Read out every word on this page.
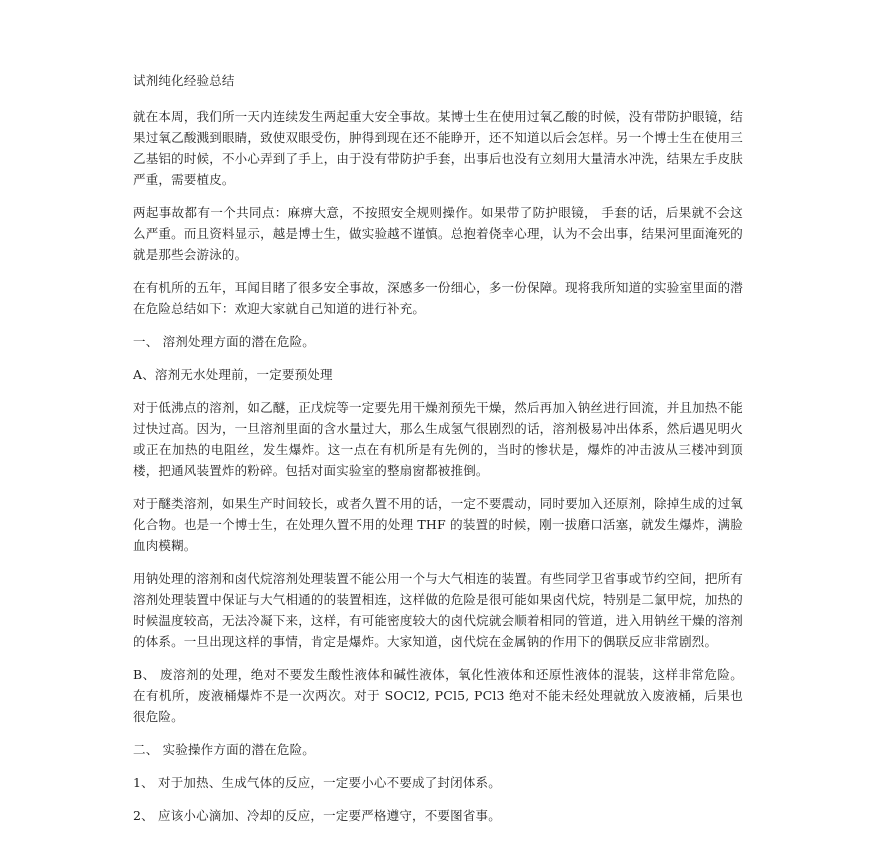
试剂纯化经验总结
就在本周，我们所一天内连续发生两起重大安全事故。某博士生在使用过氧乙酸的时候，没有带防护眼镜，结果过氧乙酸溅到眼睛，致使双眼受伤，肿得到现在还不能睁开，还不知道以后会怎样。另一个博士生在使用三乙基铝的时候，不小心弄到了手上，由于没有带防护手套，出事后也没有立刻用大量清水冲洗，结果左手皮肤严重，需要植皮。
两起事故都有一个共同点：麻痹大意，不按照安全规则操作。如果带了防护眼镜， 手套的话，后果就不会这么严重。而且资料显示，越是博士生，做实验越不谨慎。总抱着侥幸心理，认为不会出事，结果河里面淹死的就是那些会游泳的。
在有机所的五年，耳闻目睹了很多安全事故，深感多一份细心，多一份保障。现将我所知道的实验室里面的潜在危险总结如下：欢迎大家就自己知道的进行补充。
一、 溶剂处理方面的潜在危险。
A、溶剂无水处理前，一定要预处理
对于低沸点的溶剂，如乙醚，正戊烷等一定要先用干燥剂预先干燥，然后再加入钠丝进行回流，并且加热不能过快过高。因为，一旦溶剂里面的含水量过大，那么生成氢气很剧烈的话，溶剂极易冲出体系，然后遇见明火或正在加热的电阻丝，发生爆炸。这一点在有机所是有先例的，当时的惨状是，爆炸的冲击波从三楼冲到顶楼，把通风装置炸的粉碎。包括对面实验室的整扇窗都被推倒。
对于醚类溶剂，如果生产时间较长，或者久置不用的话，一定不要震动，同时要加入还原剂，除掉生成的过氧化合物。也是一个博士生，在处理久置不用的处理 THF 的装置的时候，刚一拔磨口活塞，就发生爆炸，满脸血肉模糊。
用钠处理的溶剂和卤代烷溶剂处理装置不能公用一个与大气相连的装置。有些同学卫省事或节约空间，把所有溶剂处理装置中保证与大气相通的的装置相连，这样做的危险是很可能如果卤代烷，特别是二氯甲烷，加热的时候温度较高，无法冷凝下来，这样，有可能密度较大的卤代烷就会顺着相同的管道，进入用钠丝干燥的溶剂的体系。一旦出现这样的事情，肯定是爆炸。大家知道，卤代烷在金属钠的作用下的偶联反应非常剧烈。
B、 废溶剂的处理，绝对不要发生酸性液体和碱性液体，氧化性液体和还原性液体的混装，这样非常危险。在有机所，废液桶爆炸不是一次两次。对于 SOCl2, PCl5, PCl3 绝对不能未经处理就放入废液桶，后果也很危险。
二、 实验操作方面的潜在危险。
1、 对于加热、生成气体的反应，一定要小心不要成了封闭体系。
2、 应该小心滴加、冷却的反应，一定要严格遵守，不要图省事。
